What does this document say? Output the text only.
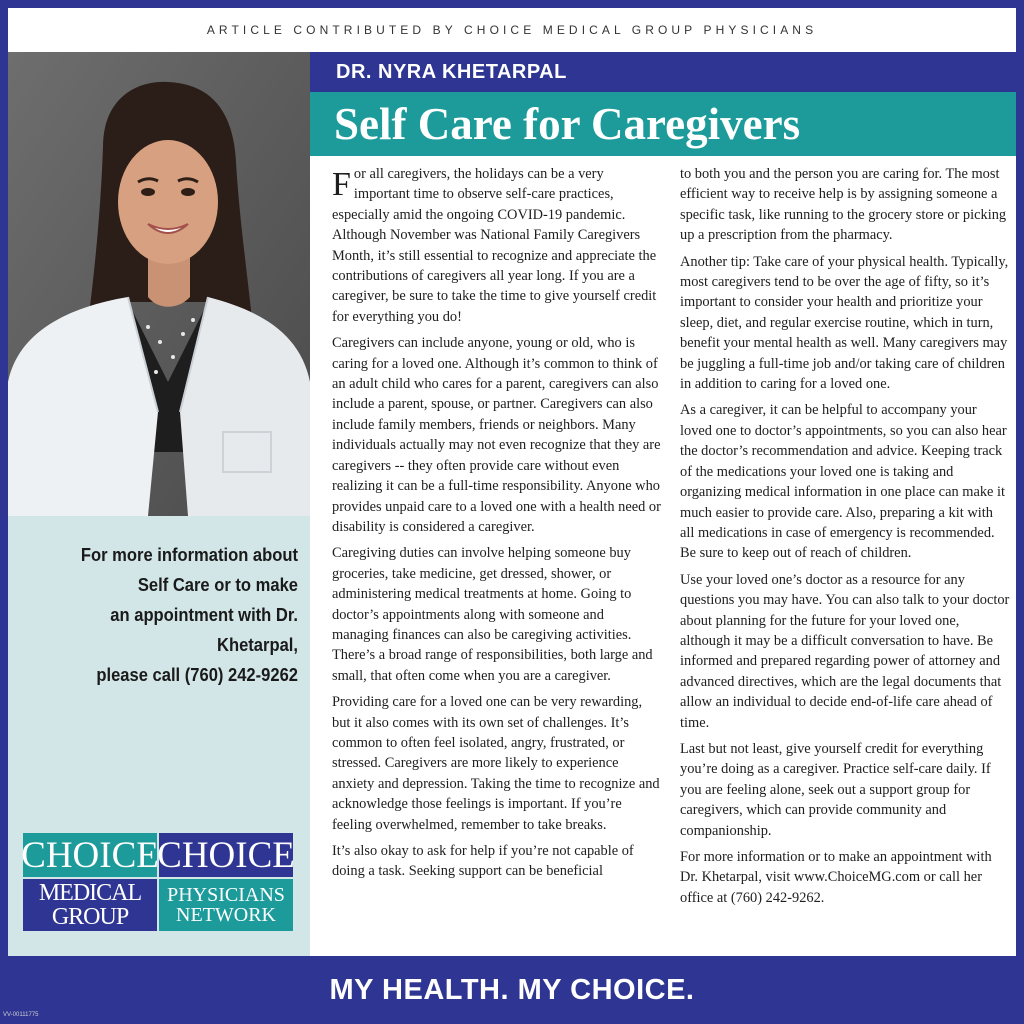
ARTICLE CONTRIBUTED BY CHOICE MEDICAL GROUP PHYSICIANS
For more information about
Self Care or to make
an appointment with Dr. Khetarpal,
please call (760) 242-9262
CHOICE
CHOICE
MEDICAL GROUP
PHYSICIANS
NETWORK
DR. NYRA KHETARPAL
Self Care for Caregivers

For all caregivers, the holidays can be a very important time to observe self-care practices, especially amid the ongoing COVID-19 pandemic. Although November was National Family Caregivers Month, it’s still essential to recognize and appreciate the contributions of caregivers all year long. If you are a caregiver, be sure to take the time to give yourself credit for everything you do!

Caregivers can include anyone, young or old, who is caring for a loved one. Although it’s common to think of an adult child who cares for a parent, caregivers can also include a parent, spouse, or partner. Caregivers can also include family members, friends or neighbors. Many individuals actually may not even recognize that they are caregivers -- they often provide care without even realizing it can be a full-time responsibility. Anyone who provides unpaid care to a loved one with a health need or disability is considered a caregiver.

Caregiving duties can involve helping someone buy groceries, take medicine, get dressed, shower, or administering medical treatments at home. Going to doctor’s appointments along with someone and managing finances can also be caregiving activities. There’s a broad range of responsibilities, both large and small, that often come when you are a caregiver.

Providing care for a loved one can be very rewarding, but it also comes with its own set of challenges. It’s common to often feel isolated, angry, frustrated, or stressed. Caregivers are more likely to experience anxiety and depression. Taking the time to recognize and acknowledge those feelings is important. If you’re feeling overwhelmed, remember to take breaks.

It’s also okay to ask for help if you’re not capable of doing a task. Seeking support can be beneficial

to both you and the person you are caring for. The most efficient way to receive help is by assigning someone a specific task, like running to the grocery store or picking up a prescription from the pharmacy.

Another tip: Take care of your physical health. Typically, most caregivers tend to be over the age of fifty, so it’s important to consider your health and prioritize your sleep, diet, and regular exercise routine, which in turn, benefit your mental health as well. Many caregivers may be juggling a full-time job and/or taking care of children in addition to caring for a loved one.

As a caregiver, it can be helpful to accompany your loved one to doctor’s appointments, so you can also hear the doctor’s recommendation and advice. Keeping track of the medications your loved one is taking and organizing medical information in one place can make it much easier to provide care. Also, preparing a kit with all medications in case of emergency is recommended. Be sure to keep out of reach of children.

Use your loved one’s doctor as a resource for any questions you may have. You can also talk to your doctor about planning for the future for your loved one, although it may be a difficult conversation to have. Be informed and prepared regarding power of attorney and advanced directives, which are the legal documents that allow an individual to decide end-of-life care ahead of time.

Last but not least, give yourself credit for everything you’re doing as a caregiver. Practice self-care daily. If you are feeling alone, seek out a support group for caregivers, which can provide community and companionship.

For more information or to make an appointment with Dr. Khetarpal, visit www.ChoiceMG.com or call her office at (760) 242-9262.

MY HEALTH. MY CHOICE.
VV-00111775
